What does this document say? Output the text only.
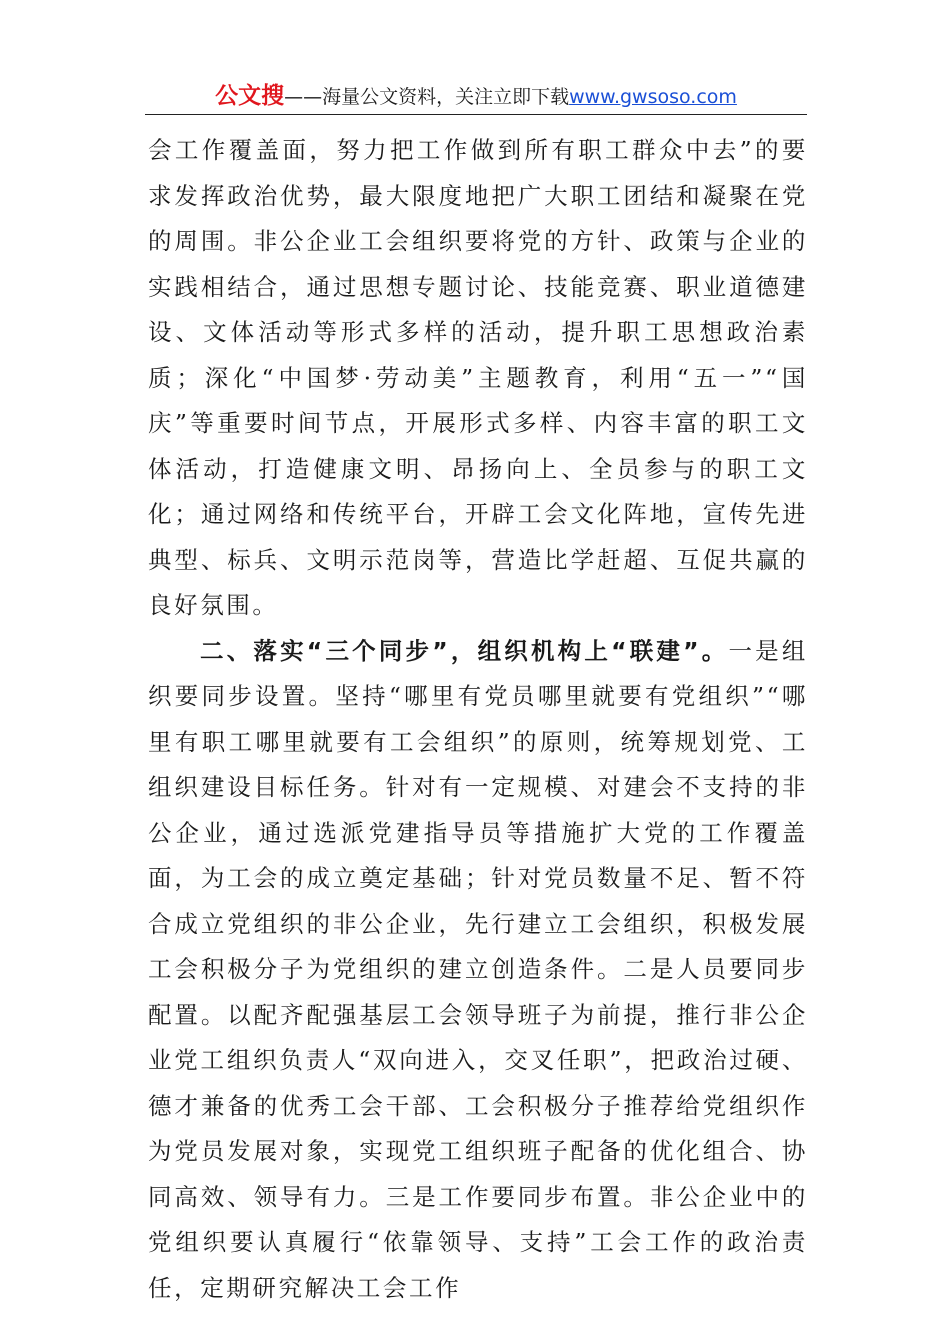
公文搜——海量公文资料，关注立即下载www.gwsoso.com

会工作覆盖面，努力把工作做到所有职工群众中去”的要求发挥政治优势，最大限度地把广大职工团结和凝聚在党的周围。非公企业工会组织要将党的方针、政策与企业的实践相结合，通过思想专题讨论、技能竞赛、职业道德建设、文体活动等形式多样的活动，提升职工思想政治素质；深化“中国梦·劳动美”主题教育，利用“五一”“国庆”等重要时间节点，开展形式多样、内容丰富的职工文体活动，打造健康文明、昂扬向上、全员参与的职工文化；通过网络和传统平台，开辟工会文化阵地，宣传先进典型、标兵、文明示范岗等，营造比学赶超、互促共赢的良好氛围。

二、落实“三个同步”，组织机构上“联建”。一是组织要同步设置。坚持“哪里有党员哪里就要有党组织”“哪里有职工哪里就要有工会组织”的原则，统筹规划党、工组织建设目标任务。针对有一定规模、对建会不支持的非公企业，通过选派党建指导员等措施扩大党的工作覆盖面，为工会的成立奠定基础；针对党员数量不足、暂不符合成立党组织的非公企业，先行建立工会组织，积极发展工会积极分子为党组织的建立创造条件。二是人员要同步配置。以配齐配强基层工会领导班子为前提，推行非公企业党工组织负责人“双向进入，交叉任职”，把政治过硬、德才兼备的优秀工会干部、工会积极分子推荐给党组织作为党员发展对象，实现党工组织班子配备的优化组合、协同高效、领导有力。三是工作要同步布置。非公企业中的党组织要认真履行“依靠领导、支持”工会工作的政治责任，定期研究解决工会工作
